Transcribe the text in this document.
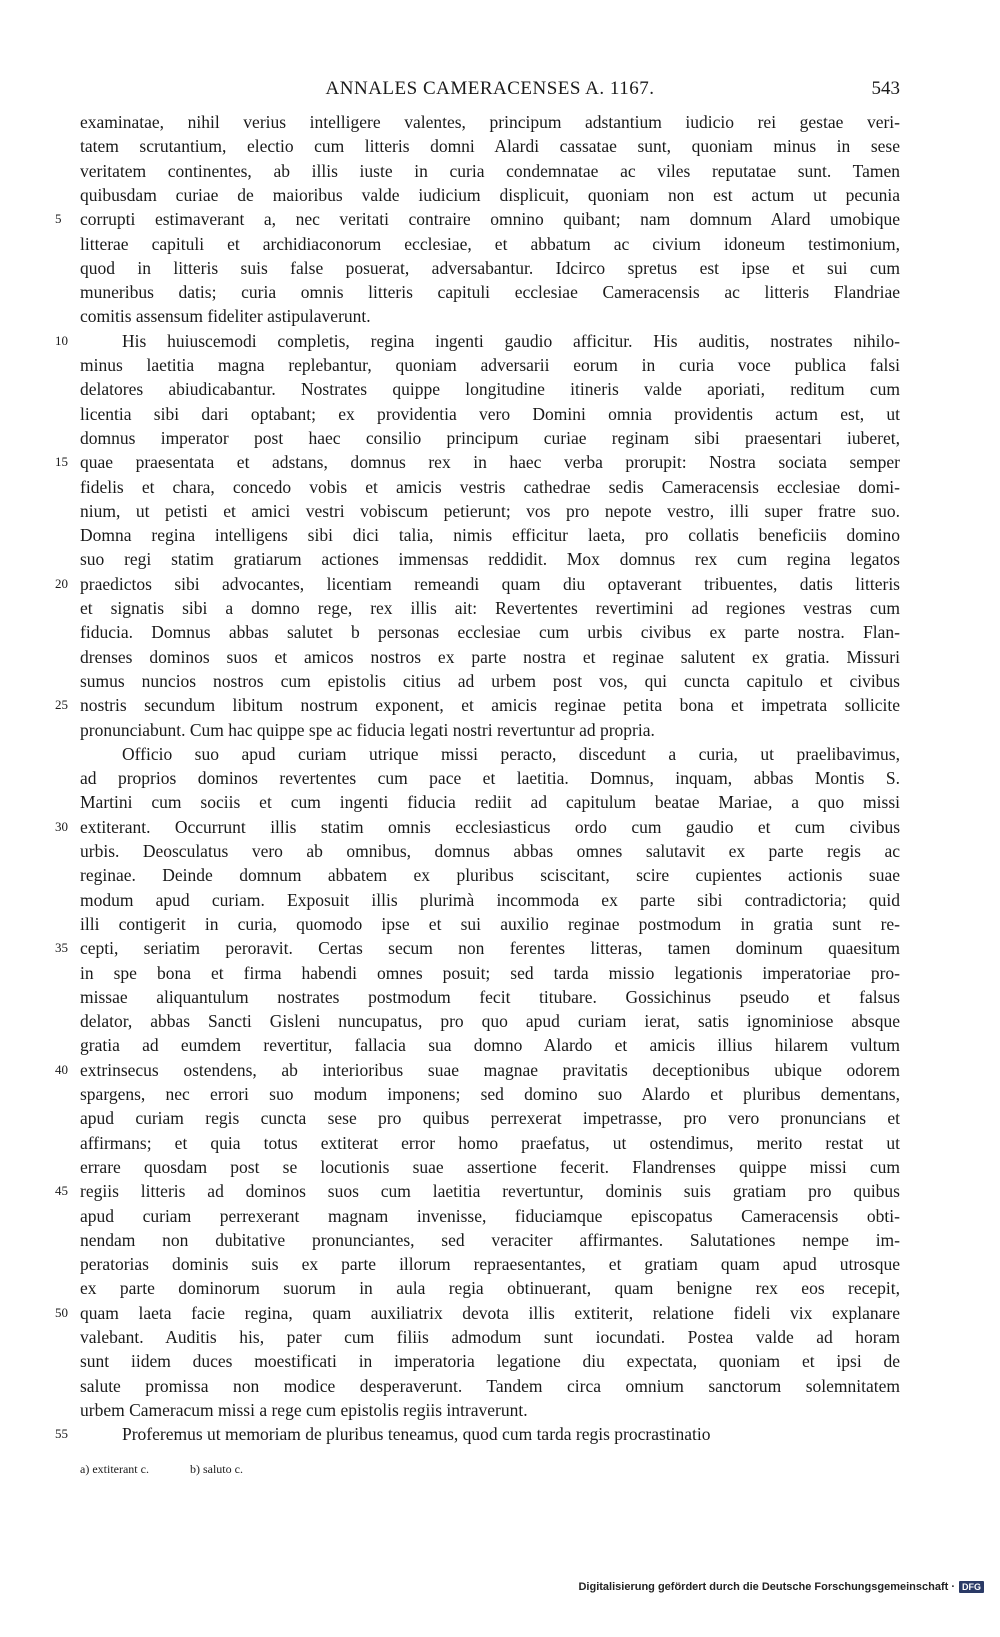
ANNALES CAMERACENSES A. 1167.	543
examinatae, nihil verius intelligere valentes, principum adstantium iudicio rei gestae veri-
tatem scrutantium, electio cum litteris domni Alardi cassatae sunt, quoniam minus in sese
veritatem continentes, ab illis iuste in curia condemnatae ac viles reputatae sunt. Tamen
quibusdam curiae de maioribus valde iudicium displicuit, quoniam non est actum ut pecunia
corrupti estimaverant a, nec veritati contraire omnino quibant; nam domnum Alard umobique
litterae capituli et archidiaconorum ecclesiae, et abbatum ac civium idoneum testimonium,
quod in litteris suis false posuerat, adversabantur. Idcirco spretus est ipse et sui cum
muneribus datis; curia omnis litteris capituli ecclesiae Cameracensis ac litteris Flandriae
comitis assensum fideliter astipulaverunt.
His huiuscemodi completis, regina ingenti gaudio afficitur. His auditis, nostrates nihilo-
minus laetitia magna replebantur, quoniam adversarii eorum in curia voce publica falsi
delatores abiudicabantur. Nostrates quippe longitudine itineris valde aporiati, reditum cum
licentia sibi dari optabant; ex providentia vero Domini omnia providentis actum est, ut
domnus imperator post haec consilio principum curiae reginam sibi praesentari iuberet,
quae praesentata et adstans, domnus rex in haec verba prorupit: Nostra sociata semper
fidelis et chara, concedo vobis et amicis vestris cathedrae sedis Cameracensis ecclesiae domi-
nium, ut petisti et amici vestri vobiscum petierunt; vos pro nepote vestro, illi super fratre suo.
Domna regina intelligens sibi dici talia, nimis efficitur laeta, pro collatis beneficiis domino
suo regi statim gratiarum actiones immensas reddidit. Mox domnus rex cum regina legatos
praedictos sibi advocantes, licentiam remeandi quam diu optaverant tribuentes, datis litteris
et signatis sibi a domno rege, rex illis ait: Revertentes revertimini ad regiones vestras cum
fiducia. Domnus abbas salutet b personas ecclesiae cum urbis civibus ex parte nostra. Flan-
drenses dominos suos et amicos nostros ex parte nostra et reginae salutent ex gratia. Missuri
sumus nuncios nostros cum epistolis citius ad urbem post vos, qui cuncta capitulo et civibus
nostris secundum libitum nostrum exponent, et amicis reginae petita bona et impetrata sollicite
pronunciabunt. Cum hac quippe spe ac fiducia legati nostri revertuntur ad propria.
Officio suo apud curiam utrique missi peracto, discedunt a curia, ut praelibavimus,
ad proprios dominos revertentes cum pace et laetitia. Domnus, inquam, abbas Montis S.
Martini cum sociis et cum ingenti fiducia rediit ad capitulum beatae Mariae, a quo missi
extiterant. Occurrunt illis statim omnis ecclesiasticus ordo cum gaudio et cum civibus
urbis. Deosculatus vero ab omnibus, domnus abbas omnes salutavit ex parte regis ac
reginae. Deinde domnum abbatem ex pluribus sciscitant, scire cupientes actionis suae
modum apud curiam. Exposuit illis plurimà incommoda ex parte sibi contradictoria; quid
illi contigerit in curia, quomodo ipse et sui auxilio reginae postmodum in gratia sunt re-
cepti, seriatim peroravit. Certas secum non ferentes litteras, tamen dominum quaesitum
in spe bona et firma habendi omnes posuit; sed tarda missio legationis imperatoriae pro-
missae aliquantulum nostrates postmodum fecit titubare. Gossichinus pseudo et falsus
delator, abbas Sancti Gisleni nuncupatus, pro quo apud curiam ierat, satis ignominiose absque
gratia ad eumdem revertitur, fallacia sua domno Alardo et amicis illius hilarem vultum
extrinsecus ostendens, ab interioribus suae magnae pravitatis deceptionibus ubique odorem
spargens, nec errori suo modum imponens; sed domino suo Alardo et pluribus dementans,
apud curiam regis cuncta sese pro quibus perrexerat impetrasse, pro vero pronuncians et
affirmans; et quia totus extiterat error homo praefatus, ut ostendimus, merito restat ut
errare quosdam post se locutionis suae assertione fecerit. Flandrenses quippe missi cum
regiis litteris ad dominos suos cum laetitia revertuntur, dominis suis gratiam pro quibus
apud curiam perrexerant magnam invenisse, fiduciamque episcopatus Cameracensis obti-
nendam non dubitative pronunciantes, sed veraciter affirmantes. Salutationes nempe im-
peratorias dominis suis ex parte illorum repraesentantes, et gratiam quam apud utrosque
ex parte dominorum suorum in aula regia obtinuerant, quam benigne rex eos recepit,
quam laeta facie regina, quam auxiliatrix devota illis extiterit, relatione fideli vix explanare
valebant. Auditis his, pater cum filiis admodum sunt iocundati. Postea valde ad horam
sunt iidem duces moestificati in imperatoria legatione diu expectata, quoniam et ipsi de
salute promissa non modice desperaverunt. Tandem circa omnium sanctorum solemnitatem
urbem Cameracum missi a rege cum epistolis regiis intraverunt.
Proferemus ut memoriam de pluribus teneamus, quod cum tarda regis procrastinatio
5
10
15
20
25
30
35
40
45
50
55
a) extiterant c.	b) saluto c.
Digitalisierung gefördert durch die Deutsche Forschungsgemeinschaft · DFG
